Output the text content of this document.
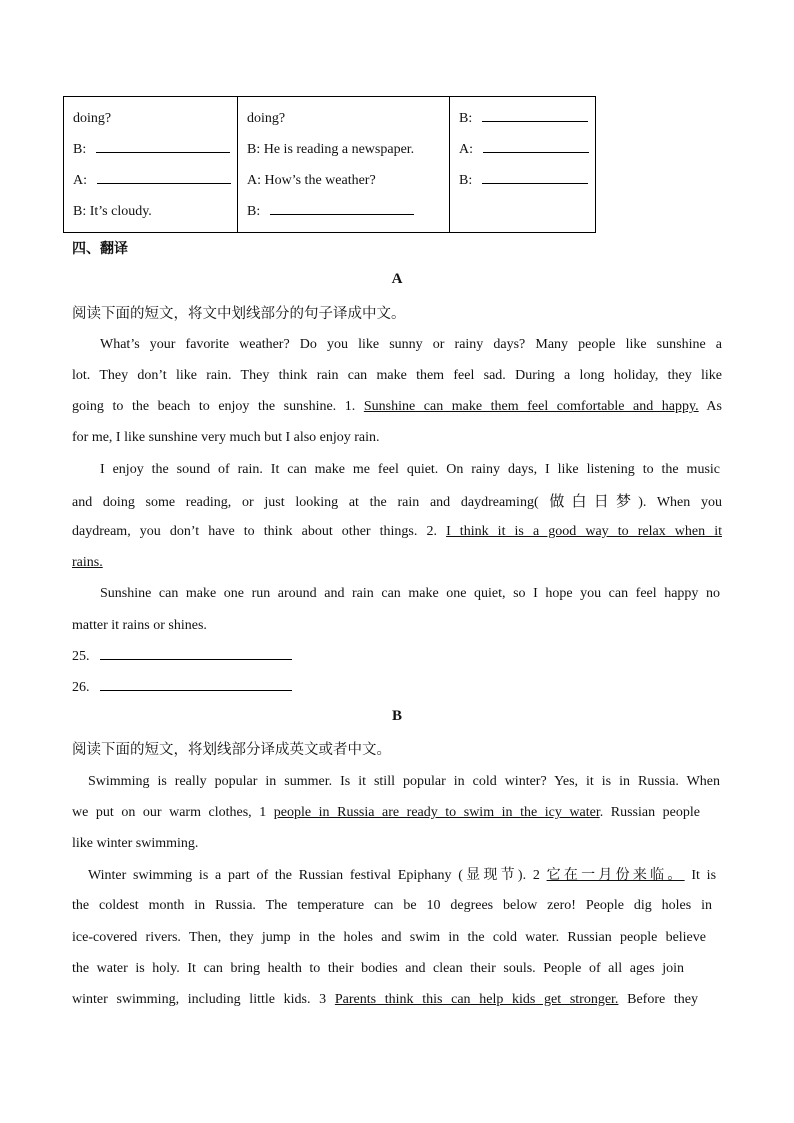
doing?
B:
A:
B: It’s cloudy.

doing?
B: He is reading a newspaper.
A: How’s the weather?
B:

B:
A:
B:
四、翻译
A
阅读下面的短文，将文中划线部分的句子译成中文。
What’s your favorite weather? Do you like sunny or rainy days? Many people like sunshine a
lot. They don’t like rain. They think rain can make them feel sad. During a long holiday, they like
going to the beach to enjoy the sunshine. 1. Sunshine can make them feel comfortable and happy. As
for me, I like sunshine very much but I also enjoy rain.
I enjoy the sound of rain. It can make me feel quiet. On rainy days, I like listening to the music
and doing some reading, or just looking at the rain and daydreaming( 做白日梦). When you
daydream, you don’t have to think about other things. 2. I think it is a good way to relax when it
rains.
Sunshine can make one run around and rain can make one quiet, so I hope you can feel happy no
matter it rains or shines.
25.
26.
B
阅读下面的短文，将划线部分译成英文或者中文。
Swimming is really popular in summer. Is it still popular in cold winter? Yes, it is in Russia. When
we put on our warm clothes, 1 people in Russia are ready to swim in the icy water. Russian people
like winter swimming.
Winter swimming is a part of the Russian festival Epiphany (显现节). 2 它在一月份来临。 It is
the coldest month in Russia. The temperature can be 10 degrees below zero! People dig holes in
ice-covered rivers. Then, they jump in the holes and swim in the cold water. Russian people believe
the water is holy. It can bring health to their bodies and clean their souls. People of all ages join
winter swimming, including little kids. 3 Parents think this can help kids get stronger. Before they
